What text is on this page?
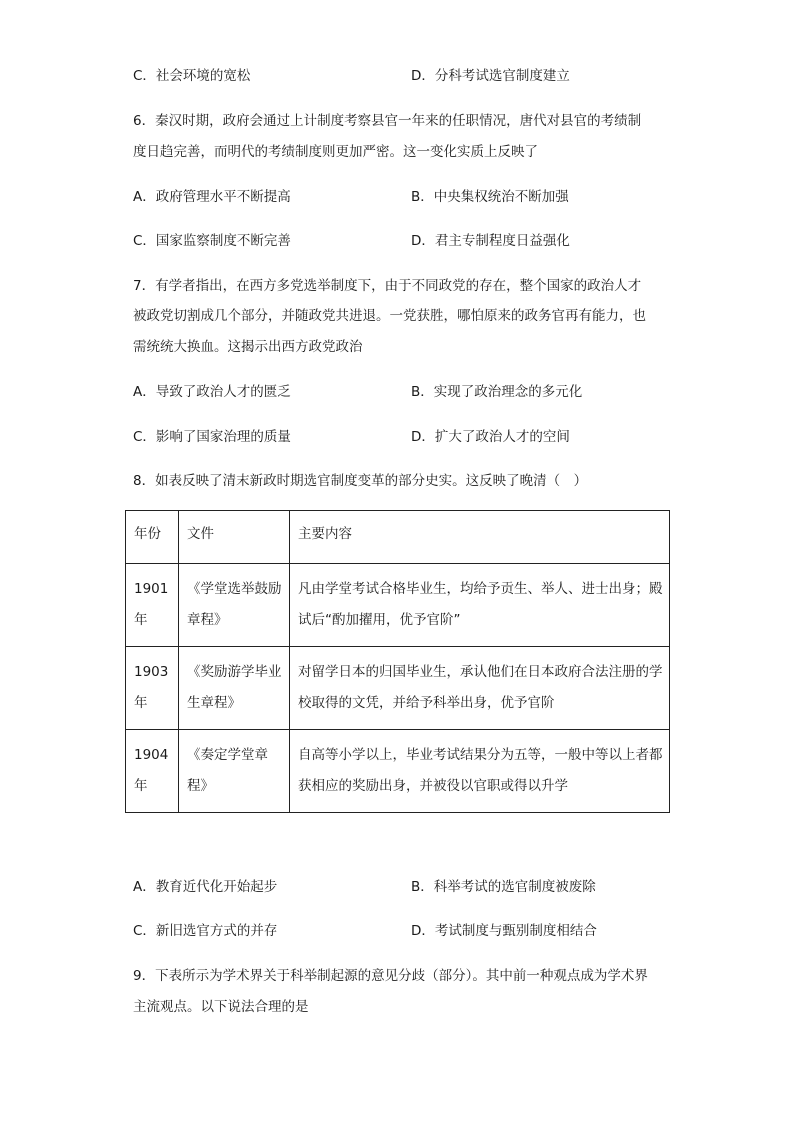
C．社会环境的宽松	D．分科考试选官制度建立
6．秦汉时期，政府会通过上计制度考察县官一年来的任职情况，唐代对县官的考绩制
度日趋完善，而明代的考绩制度则更加严密。这一变化实质上反映了
A．政府管理水平不断提高	B．中央集权统治不断加强
C．国家监察制度不断完善	D．君主专制程度日益强化
7．有学者指出，在西方多党选举制度下，由于不同政党的存在，整个国家的政治人才
被政党切割成几个部分，并随政党共进退。一党获胜，哪怕原来的政务官再有能力，也
需统统大换血。这揭示出西方政党政治
A．导致了政治人才的匮乏	B．实现了政治理念的多元化
C．影响了国家治理的质量	D．扩大了政治人才的空间
8．如表反映了清末新政时期选官制度变革的部分史实。这反映了晚清（　）
年份	文件	主要内容
1901年	《学堂选举鼓励章程》	凡由学堂考试合格毕业生，均给予贡生、举人、进士出身；殿试后“酌加擢用，优予官阶”
1903年	《奖励游学毕业生章程》	对留学日本的归国毕业生，承认他们在日本政府合法注册的学校取得的文凭，并给予科举出身，优予官阶
1904年	《奏定学堂章程》	自高等小学以上，毕业考试结果分为五等，一般中等以上者都获相应的奖励出身，并被役以官职或得以升学
A．教育近代化开始起步	B．科举考试的选官制度被废除
C．新旧选官方式的并存	D．考试制度与甄别制度相结合
9．下表所示为学术界关于科举制起源的意见分歧（部分）。其中前一种观点成为学术界
主流观点。以下说法合理的是
